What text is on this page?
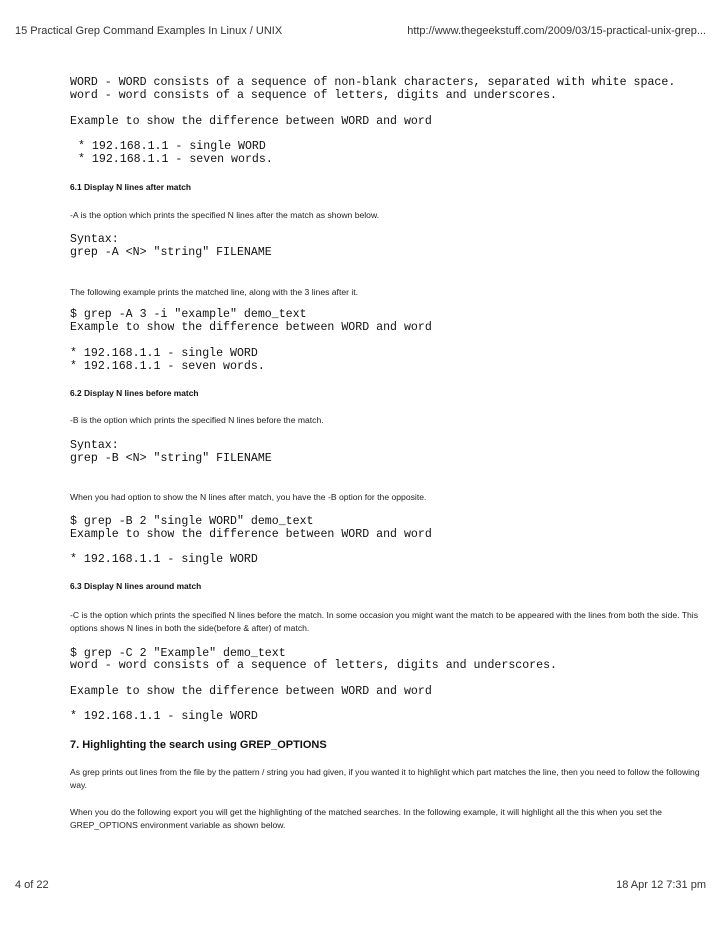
15 Practical Grep Command Examples In Linux / UNIX	http://www.thegeekstuff.com/2009/03/15-practical-unix-grep...
WORD - WORD consists of a sequence of non-blank characters, separated with white space.
word - word consists of a sequence of letters, digits and underscores.
Example to show the difference between WORD and word
* 192.168.1.1 - single WORD
* 192.168.1.1 - seven words.
6.1 Display N lines after match
-A is the option which prints the specified N lines after the match as shown below.
Syntax:
grep -A <N> "string" FILENAME
The following example prints the matched line, along with the 3 lines after it.
$ grep -A 3 -i "example" demo_text
Example to show the difference between WORD and word
* 192.168.1.1 - single WORD
* 192.168.1.1 - seven words.
6.2 Display N lines before match
-B is the option which prints the specified N lines before the match.
Syntax:
grep -B <N> "string" FILENAME
When you had option to show the N lines after match, you have the -B option for the opposite.
$ grep -B 2 "single WORD" demo_text
Example to show the difference between WORD and word
* 192.168.1.1 - single WORD
6.3 Display N lines around match
-C is the option which prints the specified N lines before the match. In some occasion you might want the match to be appeared with the lines from both the side. This options shows N lines in both the side(before & after) of match.
$ grep -C 2 "Example" demo_text
word - word consists of a sequence of letters, digits and underscores.
Example to show the difference between WORD and word
* 192.168.1.1 - single WORD
7. Highlighting the search using GREP_OPTIONS
As grep prints out lines from the file by the pattern / string you had given, if you wanted it to highlight which part matches the line, then you need to follow the following way.
When you do the following export you will get the highlighting of the matched searches. In the following example, it will highlight all the this when you set the GREP_OPTIONS environment variable as shown below.
4 of 22	18 Apr 12 7:31 pm
